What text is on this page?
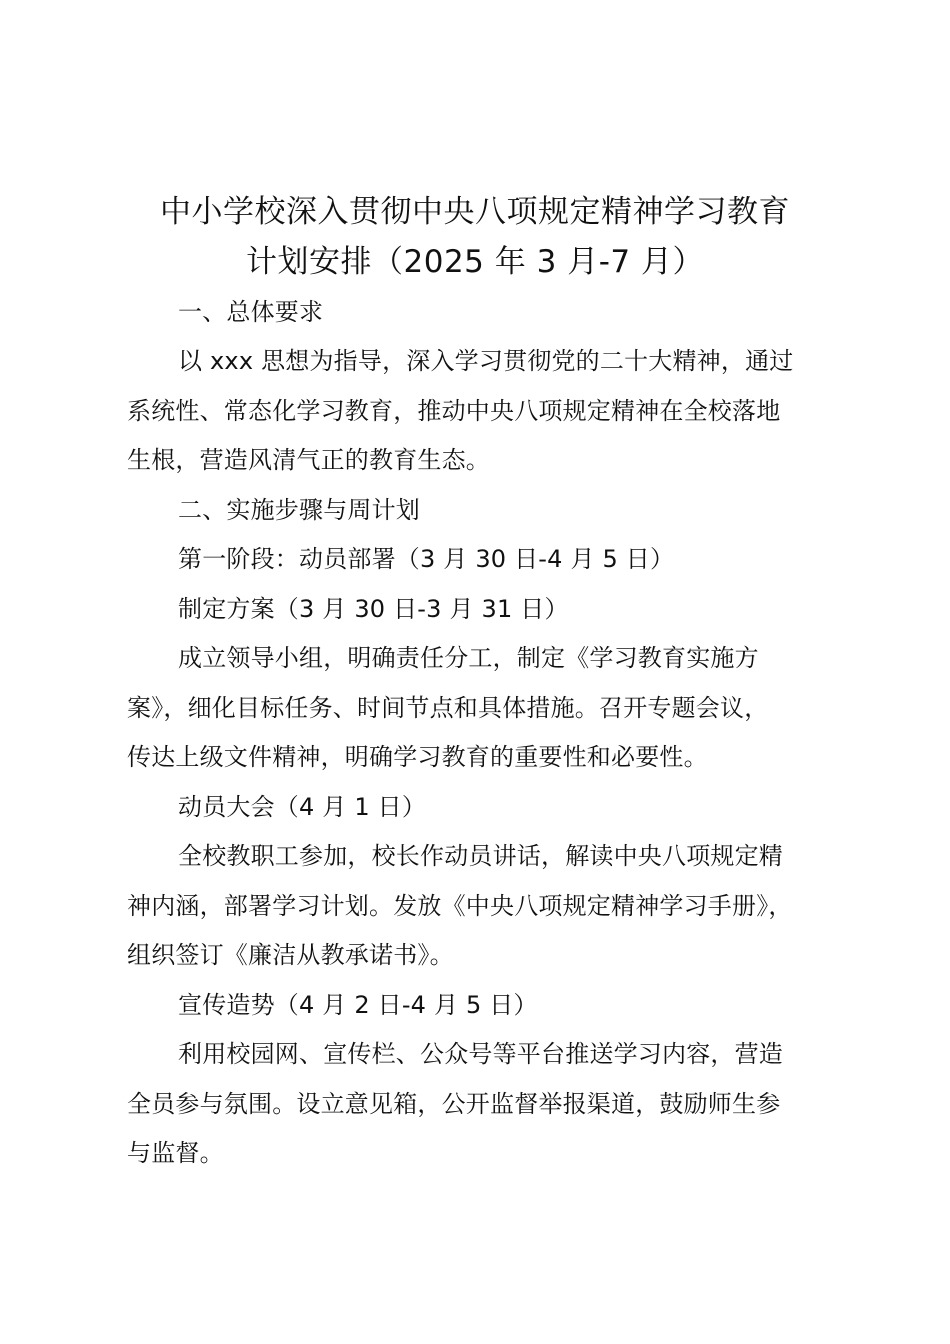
中小学校深入贯彻中央八项规定精神学习教育
计划安排（2025 年 3 月-7 月）
一、总体要求
以 xxx 思想为指导，深入学习贯彻党的二十大精神，通过
系统性、常态化学习教育，推动中央八项规定精神在全校落地
生根，营造风清气正的教育生态。
二、实施步骤与周计划
第一阶段：动员部署（3 月 30 日-4 月 5 日）
制定方案（3 月 30 日-3 月 31 日）
成立领导小组，明确责任分工，制定《学习教育实施方
案》，细化目标任务、时间节点和具体措施。召开专题会议，
传达上级文件精神，明确学习教育的重要性和必要性。
动员大会（4 月 1 日）
全校教职工参加，校长作动员讲话，解读中央八项规定精
神内涵，部署学习计划。发放《中央八项规定精神学习手册》，
组织签订《廉洁从教承诺书》。
宣传造势（4 月 2 日-4 月 5 日）
利用校园网、宣传栏、公众号等平台推送学习内容，营造
全员参与氛围。设立意见箱，公开监督举报渠道，鼓励师生参
与监督。
